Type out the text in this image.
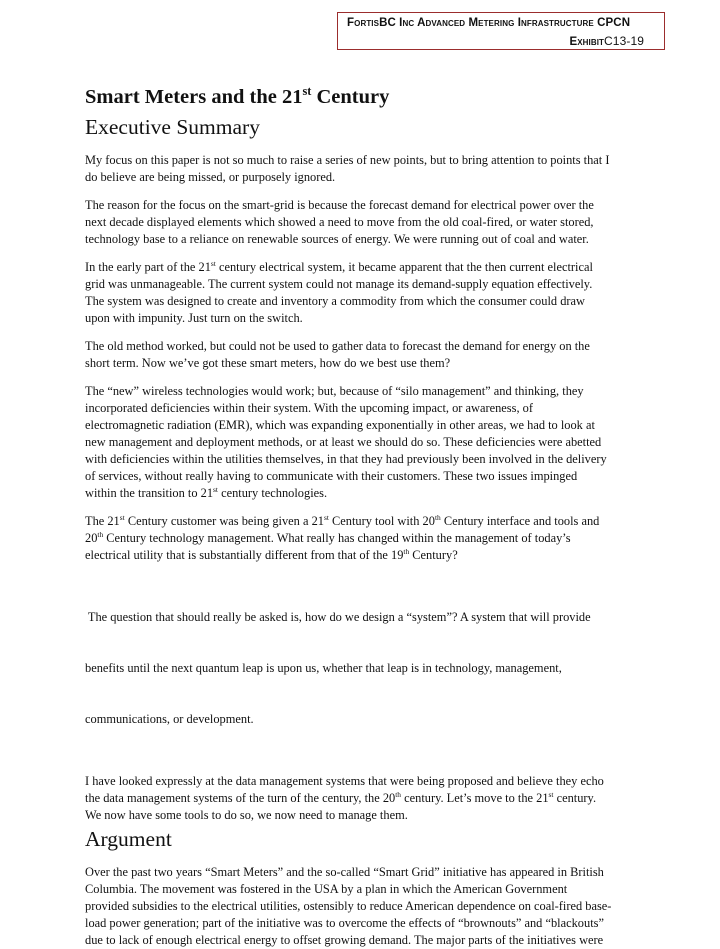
FortisBC Inc Advanced Metering Infrastructure CPCN
ExhibitC13-19
Smart Meters and the 21st Century
Executive Summary

My focus on this paper is not so much to raise a series of new points, but to bring attention to points that I
do believe are being missed, or purposely ignored.

The reason for the focus on the smart-grid is because the forecast demand for electrical power over the
next decade displayed elements which showed a need to move from the old coal-fired, or water stored,
technology base to a reliance on renewable sources of energy. We were running out of coal and water.

In the early part of the 21st century electrical system, it became apparent that the then current electrical
grid was unmanageable. The current system could not manage its demand-supply equation effectively.
The system was designed to create and inventory a commodity from which the consumer could draw
upon with impunity. Just turn on the switch.

The old method worked, but could not be used to gather data to forecast the demand for energy on the
short term. Now we’ve got these smart meters, how do we best use them?

The “new” wireless technologies would work; but, because of “silo management” and thinking, they
incorporated deficiencies within their system. With the upcoming impact, or awareness, of
electromagnetic radiation (EMR), which was expanding exponentially in other areas, we had to look at
new management and deployment methods, or at least we should do so. These deficiencies were abetted
with deficiencies within the utilities themselves, in that they had previously been involved in the delivery
of services, without really having to communicate with their customers. These two issues impinged
within the transition to 21st century technologies.

The 21st Century customer was being given a 21st Century tool with 20th Century interface and tools and
20th Century technology management. What really has changed within the management of today’s
electrical utility that is substantially different from that of the 19th Century?

The question that should really be asked is, how do we design a “system”? A system that will provide

benefits until the next quantum leap is upon us, whether that leap is in technology, management,

communications, or development.

I have looked expressly at the data management systems that were being proposed and believe they echo
the data management systems of the turn of the century, the 20th century. Let’s move to the 21st century.
We now have some tools to do so, we now need to manage them.

Argument

Over the past two years “Smart Meters” and the so-called “Smart Grid” initiative has appeared in British
Columbia. The movement was fostered in the USA by a plan in which the American Government
provided subsidies to the electrical utilities, ostensibly to reduce American dependence on coal-fired base-
load power generation; part of the initiative was to overcome the effects of “brownouts” and “blackouts”
due to lack of enough electrical energy to offset growing demand. The major parts of the initiatives were
